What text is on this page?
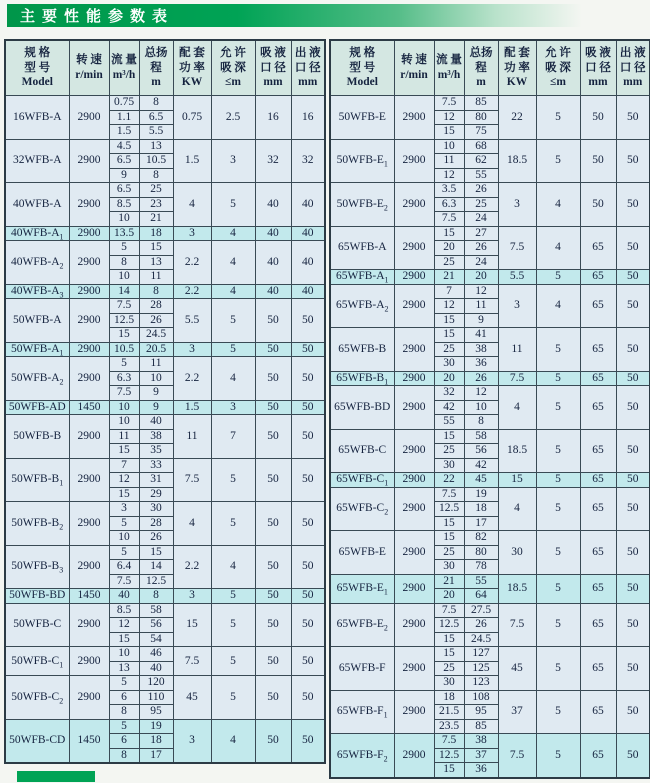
主要性能参数表
规 格
型 号
Model

转 速
r/min

流 量
m³/h

总扬程
m

配 套
功 率
KW

允 许
吸 深
≤m

吸 液
口 径
mm

出 液
口 径
mm

16WFB-A	2900	0.75	8	0.75	2.5	16	16
		1.1	6.5				
		1.5	5.5				
32WFB-A	2900	4.5	13	1.5	3	32	32
		6.5	10.5				
		9	8				
40WFB-A	2900	6.5	25	4	5	40	40
		8.5	23				
		10	21				
$40WFB-A_1$	2900	13.5	18	3	4	40	40
$40WFB-A_2$	2900	5	15	2.2	4	40	40
		8	13				
		10	11				
$40WFB-A_3$	2900	14	8	2.2	4	40	40
50WFB-A	2900	7.5	28	5.5	5	50	50
		12.5	26				
		15	24.5				
$50WFB-A_1$	2900	10.5	20.5	3	5	50	50
$50WFB-A_2$	2900	5	11	2.2	4	50	50
		6.3	10				
		7.5	9				
50WFB-AD	1450	10	9	1.5	3	50	50
50WFB-B	2900	10	40	11	7	50	50
		11	38				
		15	35				
$50WFB-B_1$	2900	7	33	7.5	5	50	50
		12	31				
		15	29				
$50WFB-B_2$	2900	3	30	4	5	50	50
		5	28				
		10	26				
$50WFB-B_3$	2900	5	15	2.2	4	50	50
		6.4	14				
		7.5	12.5				
50WFB-BD	1450	40	8	3	5	50	50
50WFB-C	2900	8.5	58	15	5	50	50
		12	56				
		15	54				
$50WFB-C_1$	2900	10	46	7.5	5	50	50
		13	40				
$50WFB-C_2$	2900	5	120	45	5	50	50
		6	110				
		8	95				
50WFB-CD	1450	5	19	3	4	50	50
		6	18				
		8	17				
规 格
型 号
Model

转 速
r/min

流 量
m³/h

总扬程
m

配 套
功 率
KW

允 许
吸 深
≤m

吸 液
口 径
mm

出 液
口 径
mm

50WFB-E	2900	7.5	85	22	5	50	50
		12	80				
		15	75				
$50WFB-E_1$	2900	10	68	18.5	5	50	50
		11	62				
		12	55				
$50WFB-E_2$	2900	3.5	26	3	4	50	50
		6.3	25				
		7.5	24				
65WFB-A	2900	15	27	7.5	4	65	50
		20	26				
		25	24				
$65WFB-A_1$	2900	21	20	5.5	5	65	50
$65WFB-A_2$	2900	7	12	3	4	65	50
		12	11				
		15	9				
65WFB-B	2900	15	41	11	5	65	50
		25	38				
		30	36				
$65WFB-B_1$	2900	20	26	7.5	5	65	50
65WFB-BD	2900	32	12	4	5	65	50
		42	10				
		55	8				
65WFB-C	2900	15	58	18.5	5	65	50
		25	56				
		30	42				
$65WFB-C_1$	2900	22	45	15	5	65	50
$65WFB-C_2$	2900	7.5	19	4	5	65	50
		12.5	18				
		15	17				
65WFB-E	2900	15	82	30	5	65	50
		25	80				
		30	78				
$65WFB-E_1$	2900	21	55	18.5	5	65	50
		20	64				
$65WFB-E_2$	2900	7.5	27.5	7.5	5	65	50
		12.5	26				
		15	24.5				
65WFB-F	2900	15	127	45	5	65	50
		25	125				
		30	123				
$65WFB-F_1$	2900	18	108	37	5	65	50
		21.5	95				
		23.5	85				
$65WFB-F_2$	2900	7.5	38	7.5	5	65	50
		12.5	37				
		15	36				
